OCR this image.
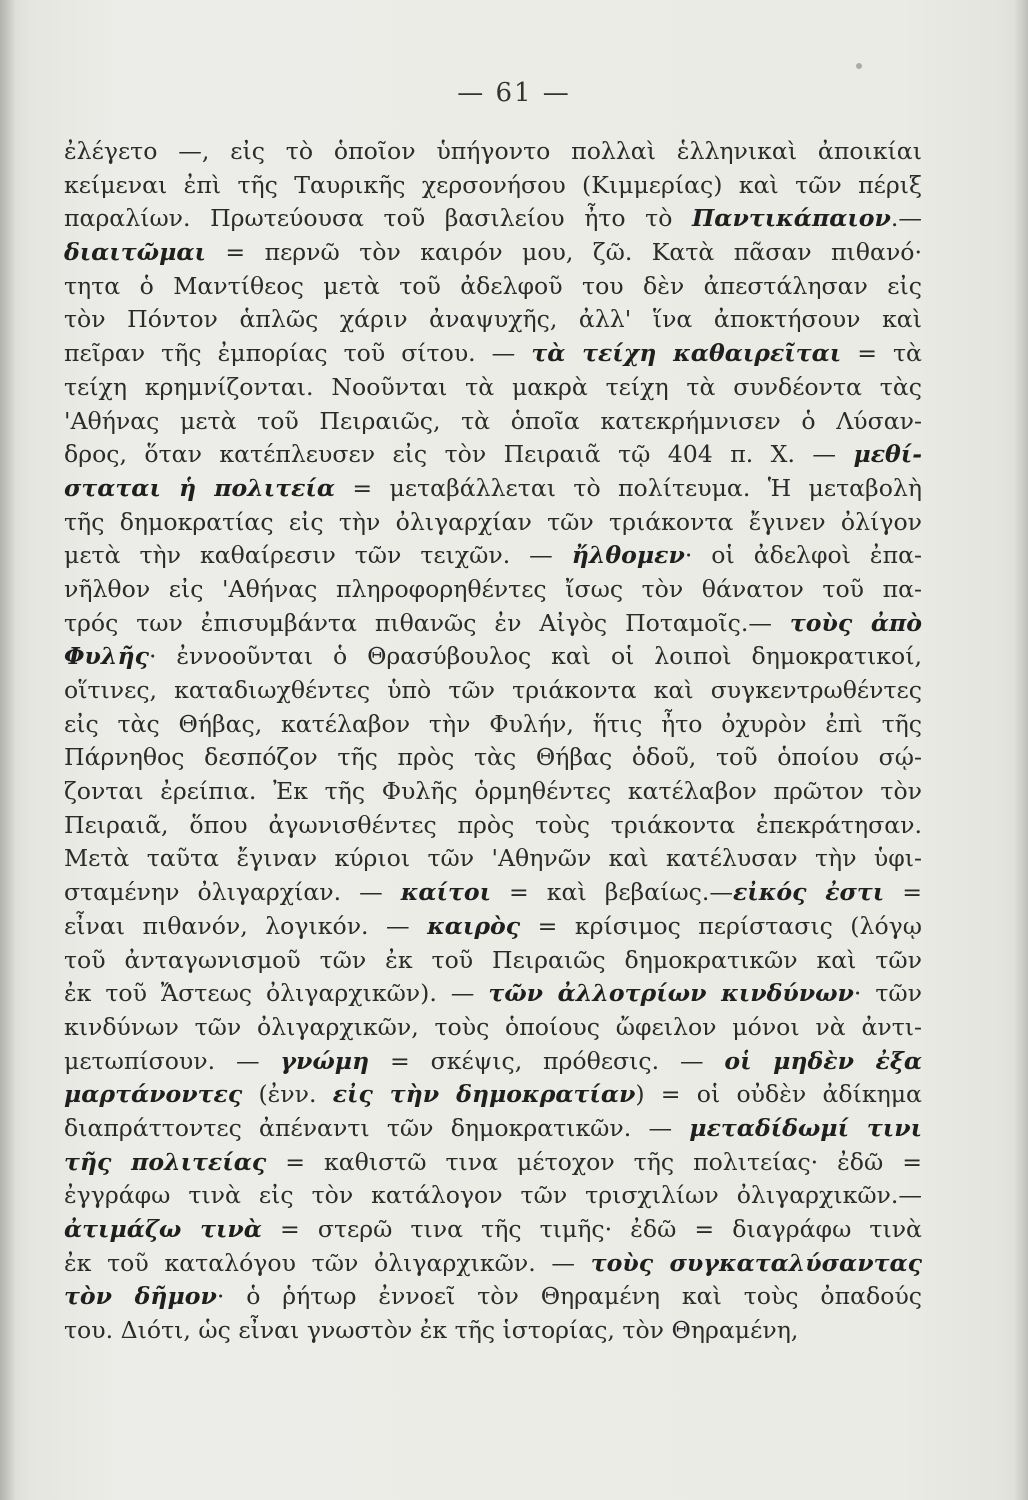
— 61 —
ἐλέγετο —, εἰς τὸ ὁποῖον ὑπήγοντο πολλαὶ ἑλληνικαὶ ἀποικίαι
κείμεναι ἐπὶ τῆς Ταυρικῆς χερσονήσου (Κιμμερίας) καὶ τῶν πέριξ
παραλίων. Πρωτεύουσα τοῦ βασιλείου ἦτο τὸ Παντικάπαιον.—
διαιτῶμαι = περνῶ τὸν καιρόν μου, ζῶ. Κατὰ πᾶσαν πιθανό·
τητα ὁ Μαντίθεος μετὰ τοῦ ἀδελφοῦ του δὲν ἀπεστάλησαν εἰς
τὸν Πόντον ἁπλῶς χάριν ἀναψυχῆς, ἀλλ' ἵνα ἀποκτήσουν καὶ
πεῖραν τῆς ἐμπορίας τοῦ σίτου. — τὰ τείχη καθαιρεῖται = τὰ
τείχη κρημνίζονται. Νοοῦνται τὰ μακρὰ τείχη τὰ συνδέοντα τὰς
'Αθήνας μετὰ τοῦ Πειραιῶς, τὰ ὁποῖα κατεκρήμνισεν ὁ Λύσαν-
δρος, ὅταν κατέπλευσεν εἰς τὸν Πειραιᾶ τῷ 404 π. Χ. — μεθί-
σταται ἡ πολιτεία = μεταβάλλεται τὸ πολίτευμα. Ἡ μεταβολὴ
τῆς δημοκρατίας εἰς τὴν ὀλιγαρχίαν τῶν τριάκοντα ἔγινεν ὀλίγον
μετὰ τὴν καθαίρεσιν τῶν τειχῶν. — ἤλθομεν· οἱ ἀδελφοὶ ἐπα-
νῆλθον εἰς 'Αθήνας πληροφορηθέντες ἴσως τὸν θάνατον τοῦ πα-
τρός των ἐπισυμβάντα πιθανῶς ἐν Αἰγὸς Ποταμοῖς.— τοὺς ἀπὸ
Φυλῆς· ἐννοοῦνται ὁ Θρασύβουλος καὶ οἱ λοιποὶ δημοκρατικοί,
οἵτινες, καταδιωχθέντες ὑπὸ τῶν τριάκοντα καὶ συγκεντρωθέντες
εἰς τὰς Θήβας, κατέλαβον τὴν Φυλήν, ἥτις ἦτο ὀχυρὸν ἐπὶ τῆς
Πάρνηθος δεσπόζον τῆς πρὸς τὰς Θήβας ὁδοῦ, τοῦ ὁποίου σῴ-
ζονται ἐρείπια. Ἐκ τῆς Φυλῆς ὁρμηθέντες κατέλαβον πρῶτον τὸν
Πειραιᾶ, ὅπου ἀγωνισθέντες πρὸς τοὺς τριάκοντα ἐπεκράτησαν.
Μετὰ ταῦτα ἔγιναν κύριοι τῶν 'Αθηνῶν καὶ κατέλυσαν τὴν ὑφι-
σταμένην ὀλιγαρχίαν. — καίτοι = καὶ βεβαίως.—εἰκός ἐστι =
εἶναι πιθανόν, λογικόν. — καιρὸς = κρίσιμος περίστασις (λόγῳ
τοῦ ἀνταγωνισμοῦ τῶν ἐκ τοῦ Πειραιῶς δημοκρατικῶν καὶ τῶν
ἐκ τοῦ Ἄστεως ὀλιγαρχικῶν). — τῶν ἀλλοτρίων κινδύνων· τῶν
κινδύνων τῶν ὀλιγαρχικῶν, τοὺς ὁποίους ὤφειλον μόνοι νὰ ἀντι-
μετωπίσουν. — γνώμη = σκέψις, πρόθεσις. — οἱ μηδὲν ἐξα
μαρτάνοντες (ἐνν. εἰς τὴν δημοκρατίαν) = οἱ οὐδὲν ἀδίκημα
διαπράττοντες ἀπέναντι τῶν δημοκρατικῶν. — μεταδίδωμί τινι
τῆς πολιτείας = καθιστῶ τινα μέτοχον τῆς πολιτείας· ἐδῶ =
ἐγγράφω τινὰ εἰς τὸν κατάλογον τῶν τρισχιλίων ὀλιγαρχικῶν.—
ἀτιμάζω τινὰ = στερῶ τινα τῆς τιμῆς· ἐδῶ = διαγράφω τινὰ
ἐκ τοῦ καταλόγου τῶν ὀλιγαρχικῶν. — τοὺς συγκαταλύσαντας
τὸν δῆμον· ὁ ῥήτωρ ἐννοεῖ τὸν Θηραμένη καὶ τοὺς ὀπαδούς
του. Διότι, ὡς εἶναι γνωστὸν ἐκ τῆς ἱστορίας, τὸν Θηραμένη,
